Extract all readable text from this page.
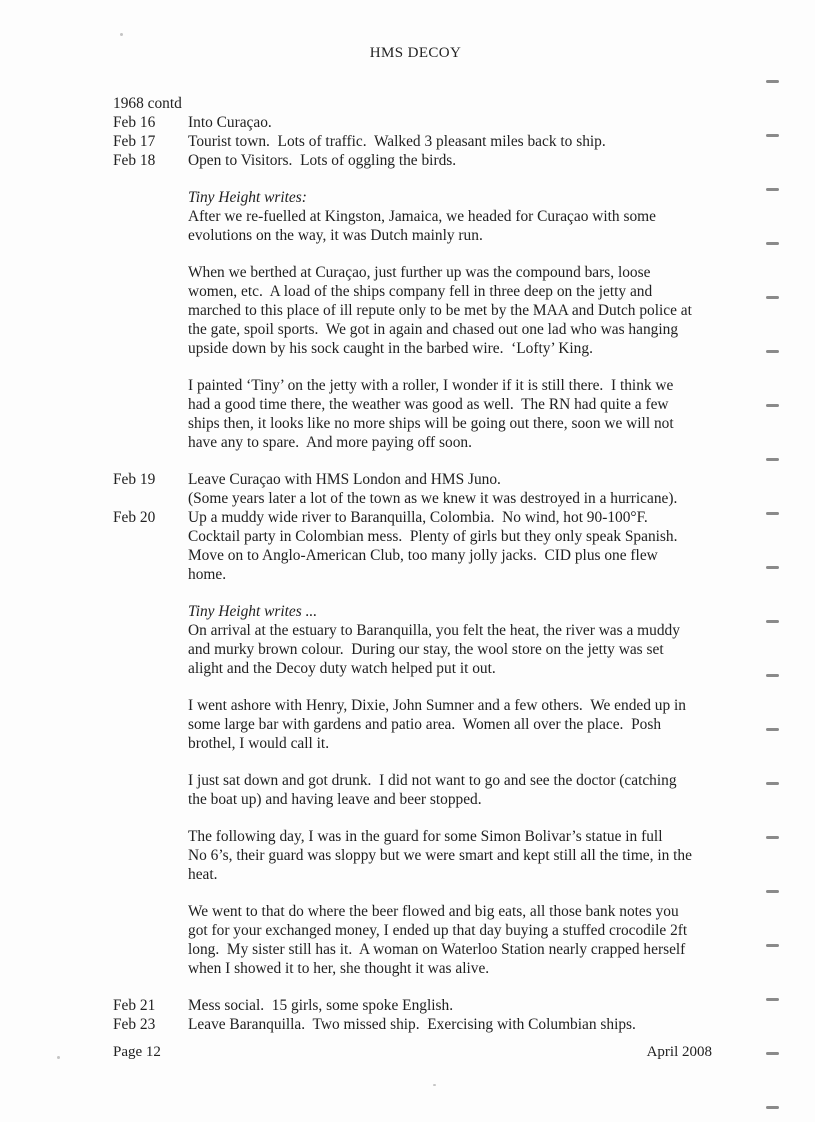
HMS DECOY
1968 contd
Feb 16	Into Curaçao.
Feb 17	Tourist town.  Lots of traffic.  Walked 3 pleasant miles back to ship.
Feb 18	Open to Visitors.  Lots of oggling the birds.
Tiny Height writes:
After we re-fuelled at Kingston, Jamaica, we headed for Curaçao with some
evolutions on the way, it was Dutch mainly run.
When we berthed at Curaçao, just further up was the compound bars, loose
women, etc.  A load of the ships company fell in three deep on the jetty and
marched to this place of ill repute only to be met by the MAA and Dutch police at
the gate, spoil sports.  We got in again and chased out one lad who was hanging
upside down by his sock caught in the barbed wire.  ‘Lofty’ King.
I painted ‘Tiny’ on the jetty with a roller, I wonder if it is still there.  I think we
had a good time there, the weather was good as well.  The RN had quite a few
ships then, it looks like no more ships will be going out there, soon we will not
have any to spare.  And more paying off soon.
Feb 19	Leave Curaçao with HMS London and HMS Juno.
(Some years later a lot of the town as we knew it was destroyed in a hurricane).
Feb 20	Up a muddy wide river to Baranquilla, Colombia.  No wind, hot 90-100°F.
Cocktail party in Colombian mess.  Plenty of girls but they only speak Spanish.
Move on to Anglo-American Club, too many jolly jacks.  CID plus one flew
home.
Tiny Height writes ...
On arrival at the estuary to Baranquilla, you felt the heat, the river was a muddy
and murky brown colour.  During our stay, the wool store on the jetty was set
alight and the Decoy duty watch helped put it out.
I went ashore with Henry, Dixie, John Sumner and a few others.  We ended up in
some large bar with gardens and patio area.  Women all over the place.  Posh
brothel, I would call it.
I just sat down and got drunk.  I did not want to go and see the doctor (catching
the boat up) and having leave and beer stopped.
The following day, I was in the guard for some Simon Bolivar’s statue in full
No 6’s, their guard was sloppy but we were smart and kept still all the time, in the
heat.
We went to that do where the beer flowed and big eats, all those bank notes you
got for your exchanged money, I ended up that day buying a stuffed crocodile 2ft
long.  My sister still has it.  A woman on Waterloo Station nearly crapped herself
when I showed it to her, she thought it was alive.
Feb 21	Mess social.  15 girls, some spoke English.
Feb 23	Leave Baranquilla.  Two missed ship.  Exercising with Columbian ships.
Page 12	April 2008
